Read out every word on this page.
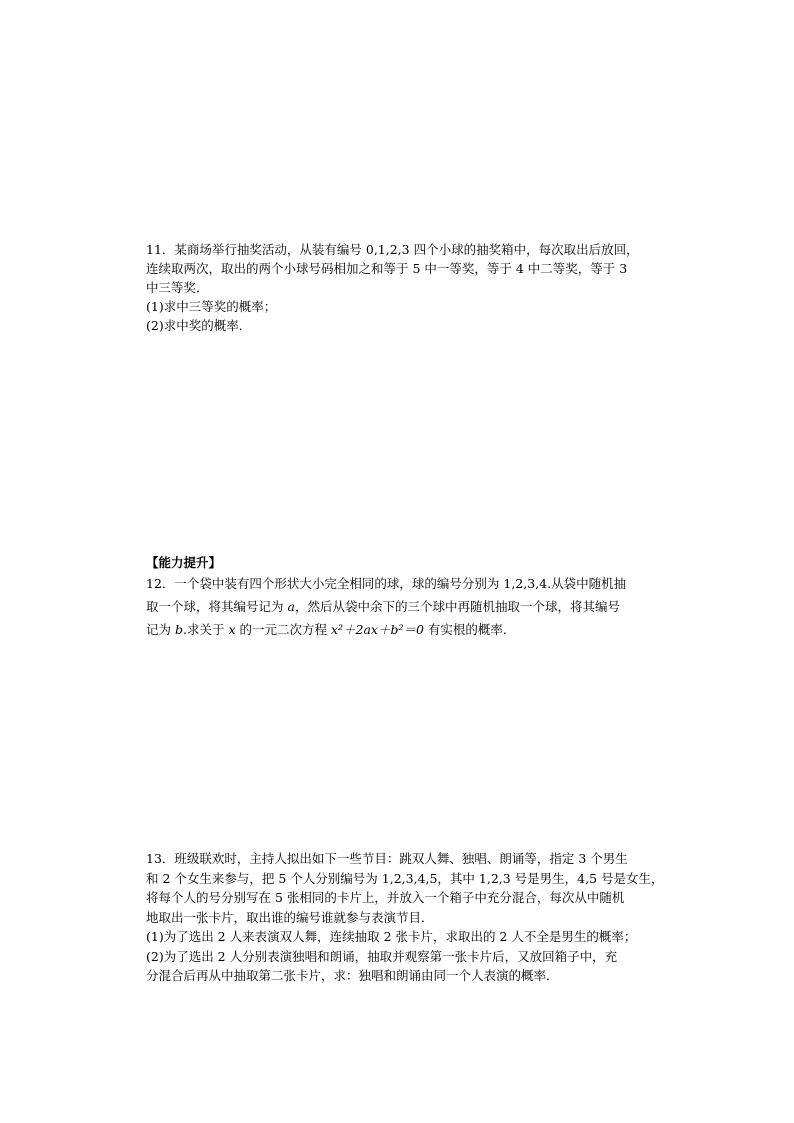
11．某商场举行抽奖活动，从装有编号 0,1,2,3 四个小球的抽奖箱中，每次取出后放回，
连续取两次，取出的两个小球号码相加之和等于 5 中一等奖，等于 4 中二等奖，等于 3
中三等奖．
(1)求中三等奖的概率；
(2)求中奖的概率．
【能力提升】
12．一个袋中装有四个形状大小完全相同的球，球的编号分别为 1,2,3,4.从袋中随机抽
取一个球，将其编号记为 a，然后从袋中余下的三个球中再随机抽取一个球，将其编号
记为 b.求关于 x 的一元二次方程 x²＋2ax＋b²＝0 有实根的概率．
13．班级联欢时，主持人拟出如下一些节目：跳双人舞、独唱、朗诵等，指定 3 个男生
和 2 个女生来参与，把 5 个人分别编号为 1,2,3,4,5，其中 1,2,3 号是男生，4,5 号是女生，
将每个人的号分别写在 5 张相同的卡片上，并放入一个箱子中充分混合，每次从中随机
地取出一张卡片，取出谁的编号谁就参与表演节目．
(1)为了选出 2 人来表演双人舞，连续抽取 2 张卡片，求取出的 2 人不全是男生的概率；
(2)为了选出 2 人分别表演独唱和朗诵，抽取并观察第一张卡片后，又放回箱子中，充
分混合后再从中抽取第二张卡片，求：独唱和朗诵由同一个人表演的概率．
